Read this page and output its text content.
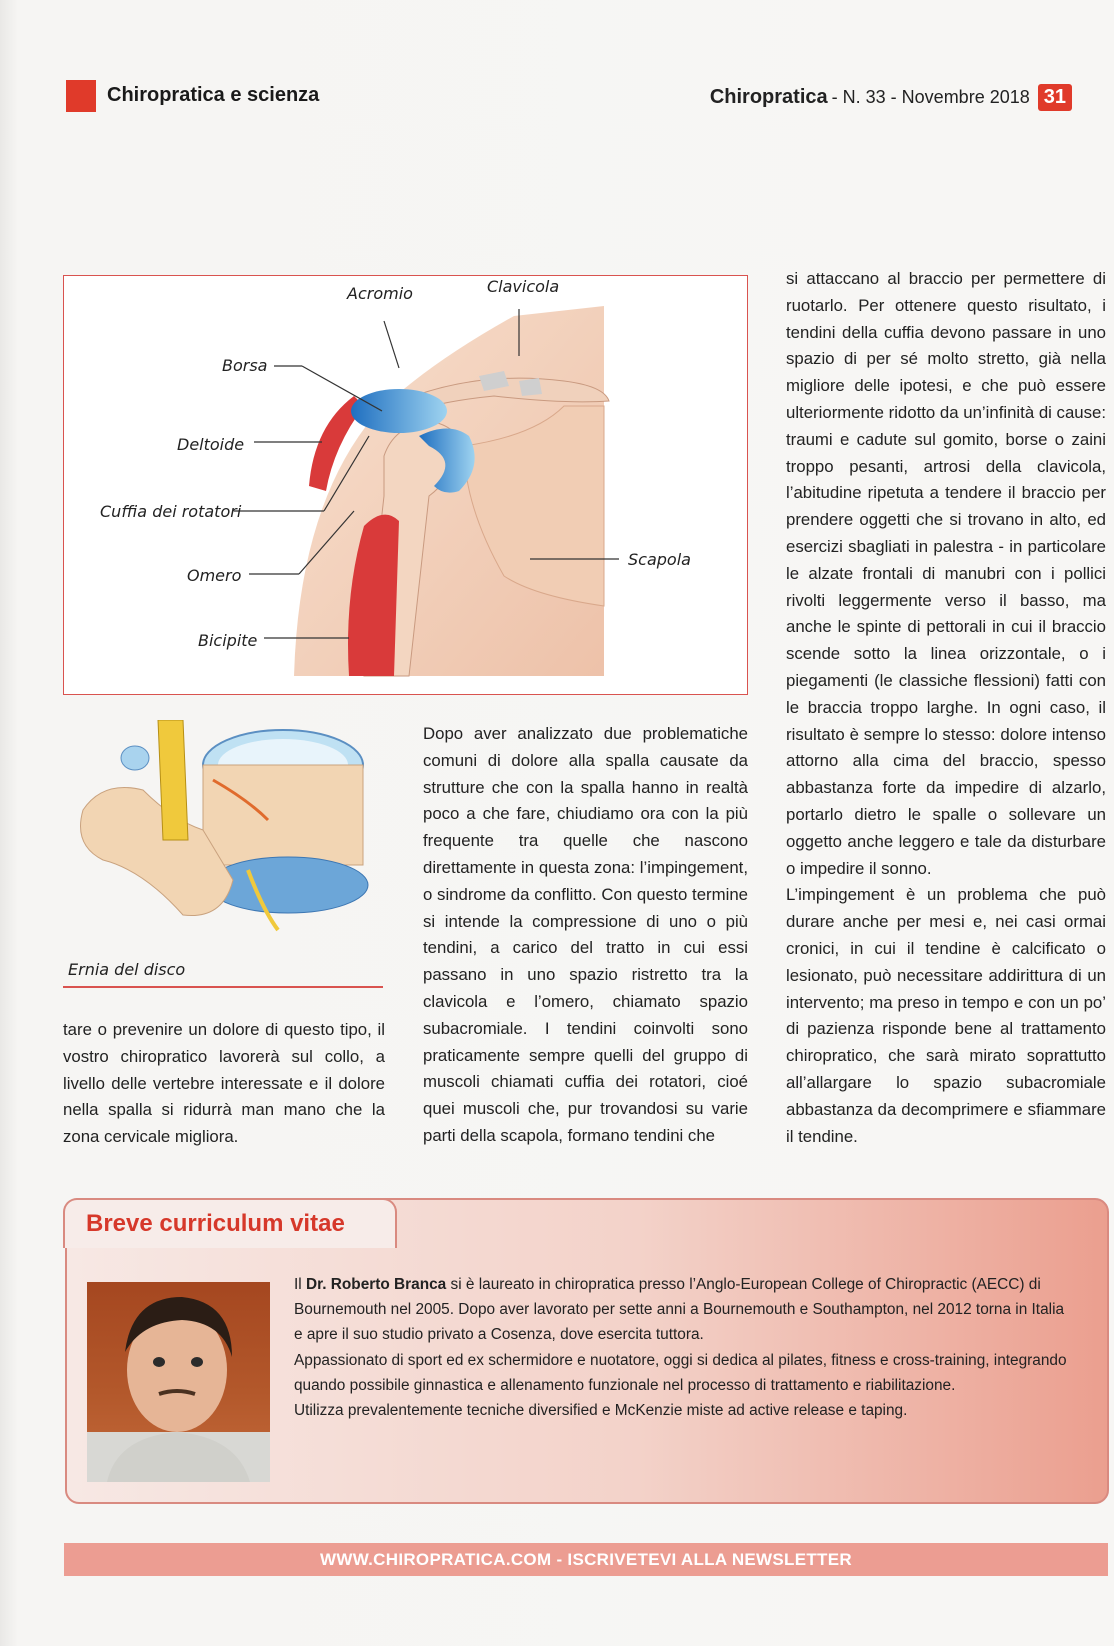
Chiropratica e scienza	Chiropratica - N. 33 - Novembre 2018 31
Acromio	Clavicola
Borsa
Deltoide
Cuffia dei rotatori
Omero
Scapola
Bicipite
Ernia del disco

tare o prevenire un dolore di questo tipo, il vostro chiropratico lavorerà sul collo, a livello delle vertebre interessate e il dolore nella spalla si ridurrà man mano che la zona cervicale migliora.

Dopo aver analizzato due problematiche comuni di dolore alla spalla causate da strutture che con la spalla hanno in realtà poco a che fare, chiudiamo ora con la più frequente tra quelle che nascono direttamente in questa zona: l’impingement, o sindrome da conflitto. Con questo termine si intende la compressione di uno o più tendini, a carico del tratto in cui essi passano in uno spazio ristretto tra la clavicola e l’omero, chiamato spazio subacromiale. I tendini coinvolti sono praticamente sempre quelli del gruppo di muscoli chiamati cuffia dei rotatori, cioé quei muscoli che, pur trovandosi su varie parti della scapola, formano tendini che

si attaccano al braccio per permettere di ruotarlo. Per ottenere questo risultato, i tendini della cuffia devono passare in uno spazio di per sé molto stretto, già nella migliore delle ipotesi, e che può essere ulteriormente ridotto da un’infinità di cause: traumi e cadute sul gomito, borse o zaini troppo pesanti, artrosi della clavicola, l’abitudine ripetuta a tendere il braccio per prendere oggetti che si trovano in alto, ed esercizi sbagliati in palestra - in particolare le alzate frontali di manubri con i pollici rivolti leggermente verso il basso, ma anche le spinte di pettorali in cui il braccio scende sotto la linea orizzontale, o i piegamenti (le classiche flessioni) fatti con le braccia troppo larghe. In ogni caso, il risultato è sempre lo stesso: dolore intenso attorno alla cima del braccio, spesso abbastanza forte da impedire di alzarlo, portarlo dietro le spalle o sollevare un oggetto anche leggero e tale da disturbare o impedire il sonno.

L’impingement è un problema che può durare anche per mesi e, nei casi ormai cronici, in cui il tendine è calcificato o lesionato, può necessitare addirittura di un intervento; ma preso in tempo e con un po’ di pazienza risponde bene al trattamento chiropratico, che sarà mirato soprattutto all’allargare lo spazio subacromiale abbastanza da decomprimere e sfiammare il tendine.

Breve curriculum vitae
Il Dr. Roberto Branca si è laureato in chiropratica presso l’Anglo-European College of Chiropractic (AECC) di Bournemouth nel 2005. Dopo aver lavorato per sette anni a Bournemouth e Southampton, nel 2012 torna in Italia e apre il suo studio privato a Cosenza, dove esercita tuttora.
Appassionato di sport ed ex schermidore e nuotatore, oggi si dedica al pilates, fitness e cross-training, integrando quando possibile ginnastica e allenamento funzionale nel processo di trattamento e riabilitazione.
Utilizza prevalentemente tecniche diversified e McKenzie miste ad active release e taping.
WWW.CHIROPRATICA.COM - ISCRIVETEVI ALLA NEWSLETTER
